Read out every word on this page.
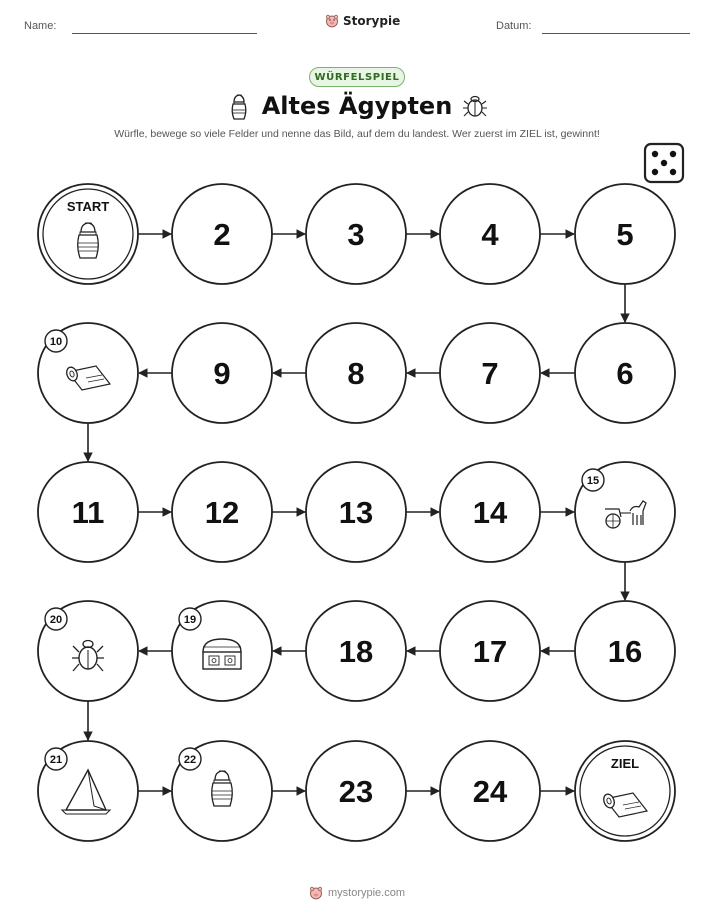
Name:	Storypie	Datum:
WÜRFELSPIEL
Altes Ägypten
Würfle, bewege so viele Felder und nenne das Bild, auf dem du landest. Wer zuerst im ZIEL ist, gewinnt!
START
2	3	4	5
6
7
8
9
10
11	12	13	14
15
16
17
18
19
20
21	22
23	24
ZIEL
mystorypie.com
